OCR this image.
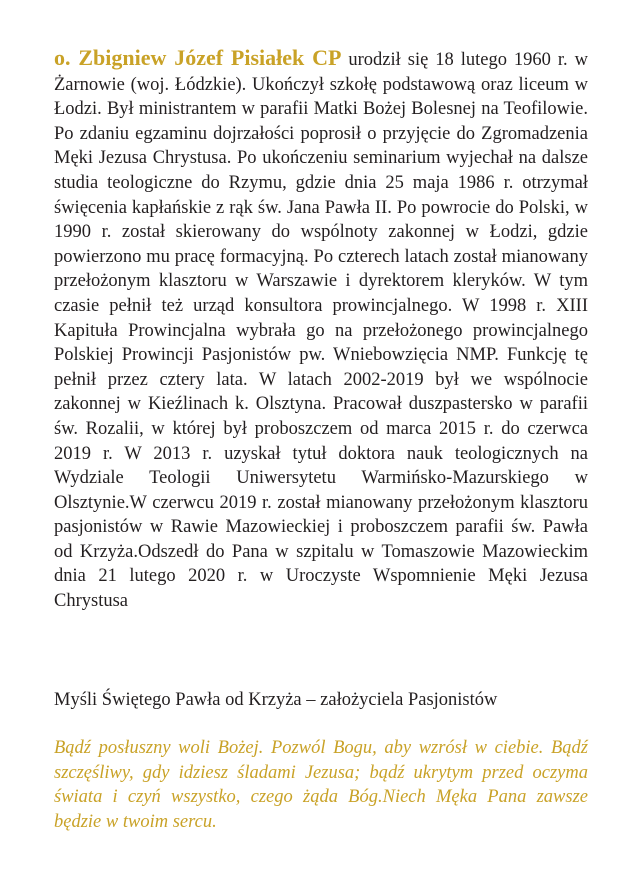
o. Zbigniew Józef Pisiałek CP urodził się 18 lutego 1960 r. w Żarnowie (woj. Łódzkie). Ukończył szkołę podstawową oraz liceum w Łodzi. Był ministrantem w parafii Matki Bożej Bolesnej na Teofilowie. Po zdaniu egzaminu dojrzałości poprosił o przyjęcie do Zgromadzenia Męki Jezusa Chrystusa. Po ukończeniu seminarium wyjechał na dalsze studia teologiczne do Rzymu, gdzie dnia 25 maja 1986 r. otrzymał święcenia kapłańskie z rąk św. Jana Pawła II. Po powrocie do Polski, w 1990 r. został skierowany do wspólnoty zakonnej w Łodzi, gdzie powierzono mu pracę formacyjną. Po czterech latach został mianowany przełożonym klasztoru w Warszawie i dyrektorem kleryków. W tym czasie pełnił też urząd konsultora prowincjalnego. W 1998 r. XIII Kapituła Prowincjalna wybrała go na przełożonego prowincjalnego Polskiej Prowincji Pasjonistów pw. Wniebowzięcia NMP. Funkcję tę pełnił przez cztery lata. W latach 2002-2019 był we wspólnocie zakonnej w Kieźlinach k. Olsztyna. Pracował duszpastersko w parafii św. Rozalii, w której był proboszczem od marca 2015 r. do czerwca 2019 r. W 2013 r. uzyskał tytuł doktora nauk teologicznych na Wydziale Teologii Uniwersytetu Warmińsko-Mazurskiego w Olsztynie.W czerwcu 2019 r. został mianowany przełożonym klasztoru pasjonistów w Rawie Mazowieckiej i proboszczem parafii św. Pawła od Krzyża.Odszedł do Pana w szpitalu w Tomaszowie Mazowieckim dnia 21 lutego 2020 r. w Uroczyste Wspomnienie Męki Jezusa Chrystusa

Myśli Świętego Pawła od Krzyża – założyciela Pasjonistów

Bądź posłuszny woli Bożej. Pozwól Bogu, aby wzrósł w ciebie. Bądź szczęśliwy, gdy idziesz śladami Jezusa; bądź ukrytym przed oczyma świata i czyń wszystko, czego żąda Bóg.Niech Męka Pana zawsze będzie w twoim sercu.
